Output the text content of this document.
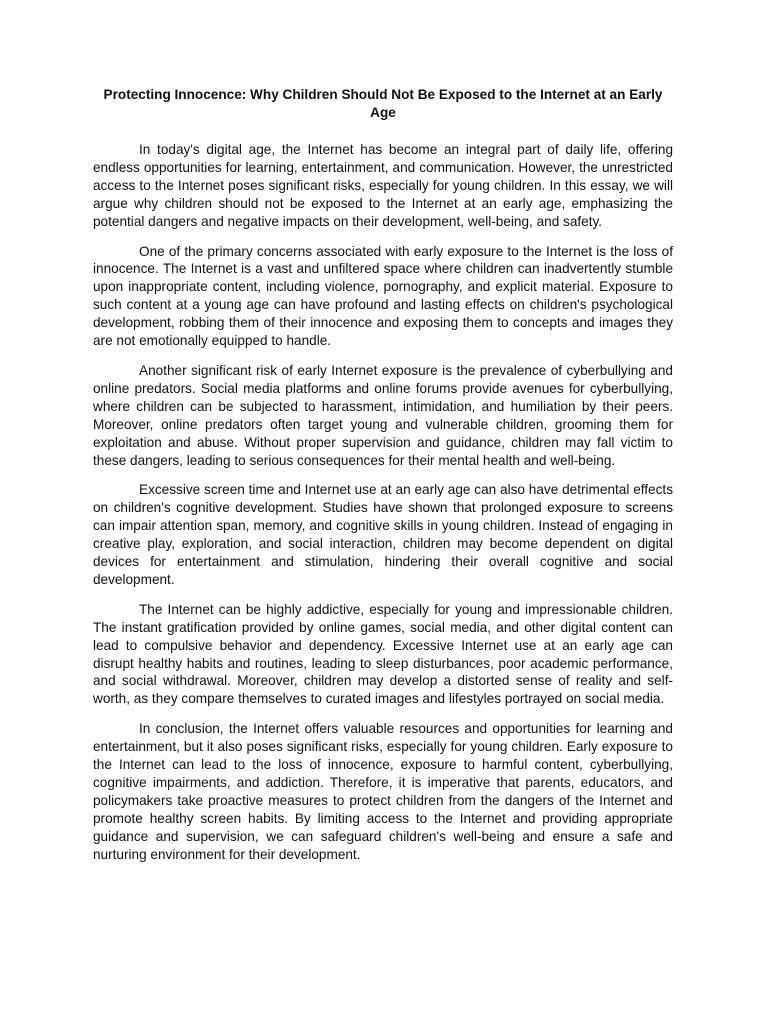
Protecting Innocence: Why Children Should Not Be Exposed to the Internet at an Early Age

In today's digital age, the Internet has become an integral part of daily life, offering endless opportunities for learning, entertainment, and communication. However, the unrestricted access to the Internet poses significant risks, especially for young children. In this essay, we will argue why children should not be exposed to the Internet at an early age, emphasizing the potential dangers and negative impacts on their development, well-being, and safety.

One of the primary concerns associated with early exposure to the Internet is the loss of innocence. The Internet is a vast and unfiltered space where children can inadvertently stumble upon inappropriate content, including violence, pornography, and explicit material. Exposure to such content at a young age can have profound and lasting effects on children's psychological development, robbing them of their innocence and exposing them to concepts and images they are not emotionally equipped to handle.

Another significant risk of early Internet exposure is the prevalence of cyberbullying and online predators. Social media platforms and online forums provide avenues for cyberbullying, where children can be subjected to harassment, intimidation, and humiliation by their peers. Moreover, online predators often target young and vulnerable children, grooming them for exploitation and abuse. Without proper supervision and guidance, children may fall victim to these dangers, leading to serious consequences for their mental health and well-being.

Excessive screen time and Internet use at an early age can also have detrimental effects on children's cognitive development. Studies have shown that prolonged exposure to screens can impair attention span, memory, and cognitive skills in young children. Instead of engaging in creative play, exploration, and social interaction, children may become dependent on digital devices for entertainment and stimulation, hindering their overall cognitive and social development.

The Internet can be highly addictive, especially for young and impressionable children. The instant gratification provided by online games, social media, and other digital content can lead to compulsive behavior and dependency. Excessive Internet use at an early age can disrupt healthy habits and routines, leading to sleep disturbances, poor academic performance, and social withdrawal. Moreover, children may develop a distorted sense of reality and self-worth, as they compare themselves to curated images and lifestyles portrayed on social media.

In conclusion, the Internet offers valuable resources and opportunities for learning and entertainment, but it also poses significant risks, especially for young children. Early exposure to the Internet can lead to the loss of innocence, exposure to harmful content, cyberbullying, cognitive impairments, and addiction. Therefore, it is imperative that parents, educators, and policymakers take proactive measures to protect children from the dangers of the Internet and promote healthy screen habits. By limiting access to the Internet and providing appropriate guidance and supervision, we can safeguard children's well-being and ensure a safe and nurturing environment for their development.
